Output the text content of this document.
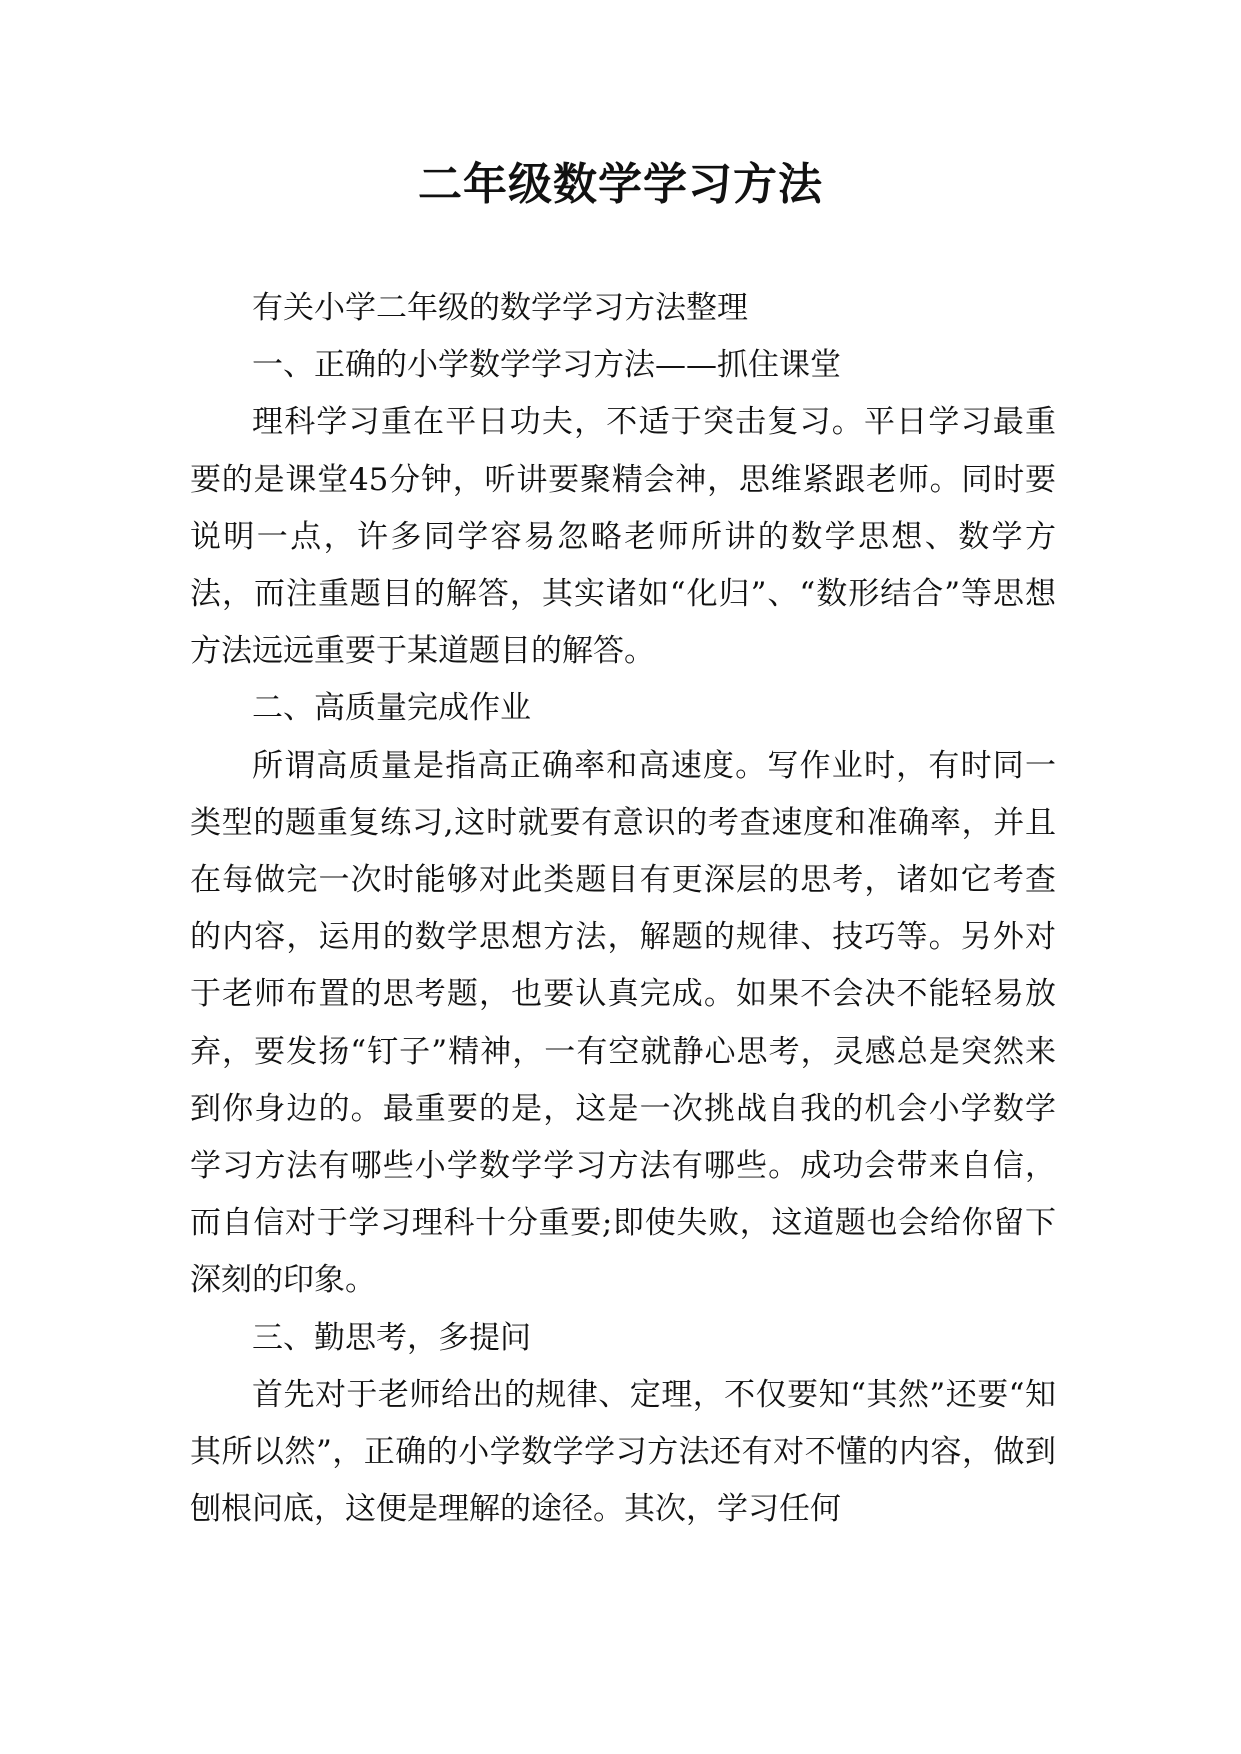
二年级数学学习方法

有关小学二年级的数学学习方法整理

一、正确的小学数学学习方法——抓住课堂

理科学习重在平日功夫，不适于突击复习。平日学习最重要的是课堂45分钟，听讲要聚精会神，思维紧跟老师。同时要说明一点，许多同学容易忽略老师所讲的数学思想、数学方法，而注重题目的解答，其实诸如“化归”、“数形结合”等思想方法远远重要于某道题目的解答。

二、高质量完成作业

所谓高质量是指高正确率和高速度。写作业时，有时同一类型的题重复练习,这时就要有意识的考查速度和准确率，并且在每做完一次时能够对此类题目有更深层的思考，诸如它考查的内容，运用的数学思想方法，解题的规律、技巧等。另外对于老师布置的思考题，也要认真完成。如果不会决不能轻易放弃，要发扬“钉子”精神，一有空就静心思考，灵感总是突然来到你身边的。最重要的是，这是一次挑战自我的机会小学数学学习方法有哪些小学数学学习方法有哪些。成功会带来自信，而自信对于学习理科十分重要;即使失败，这道题也会给你留下深刻的印象。

三、勤思考，多提问

首先对于老师给出的规律、定理，不仅要知“其然”还要“知其所以然”，正确的小学数学学习方法还有对不懂的内容，做到刨根问底，这便是理解的途径。其次，学习任何
